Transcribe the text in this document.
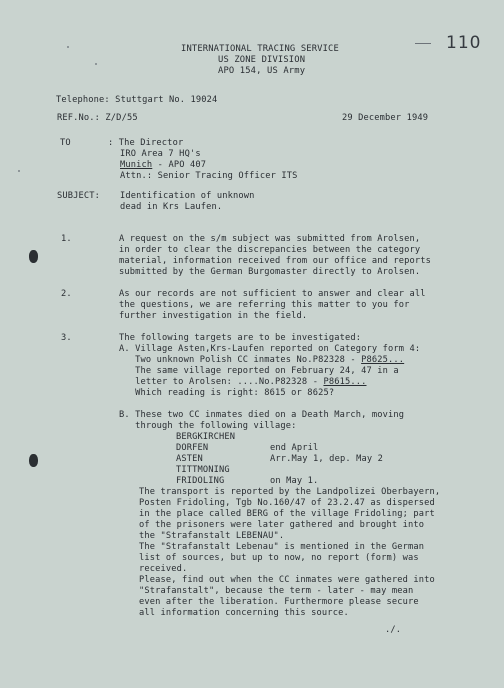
110
INTERNATIONAL TRACING SERVICE
US ZONE DIVISION
APO 154, US Army
Telephone: Stuttgart No. 19024
REF.No.: Z/D/55	29 December 1949
TO	: The Director
IRO Area 7 HQ's
Munich - APO 407
Attn.: Senior Tracing Officer ITS
SUBJECT: Identification of unknown
dead in Krs Laufen.
1.	A request on the s/m subject was submitted from Arolsen,
in order to clear the discrepancies between the category
material, information received from our office and reports
submitted by the German Burgomaster directly to Arolsen.
2.	As our records are not sufficient to answer and clear all
the questions, we are referring this matter to you for
further investigation in the field.
3.	The following targets are to be investigated:
A. Village Asten,Krs-Laufen reported on Category form 4:
Two unknown Polish CC inmates No.P82328 - P8625...
The same village reported on February 24, 47 in a
letter to Arolsen: ....No.P82328 - P8615...
Which reading is right: 8615 or 8625?
B. These two CC inmates died on a Death March, moving
through the following village:
BERGKIRCHEN
DORFEN	end April
ASTEN	Arr.May 1, dep. May 2
TITTMONING
FRIDOLING	on May 1.
The transport is reported by the Landpolizei Oberbayern,
Posten Fridoling, Tgb No.160/47 of 23.2.47 as dispersed
in the place called BERG of the village Fridoling; part
of the prisoners were later gathered and brought into
the "Strafanstalt LEBENAU".
The "Strafanstalt Lebenau" is mentioned in the German
list of sources, but up to now, no report (form) was
received.
Please, find out when the CC inmates were gathered into
"Strafanstalt", because the term - later - may mean
even after the liberation. Furthermore please secure
all information concerning this source.
./.
